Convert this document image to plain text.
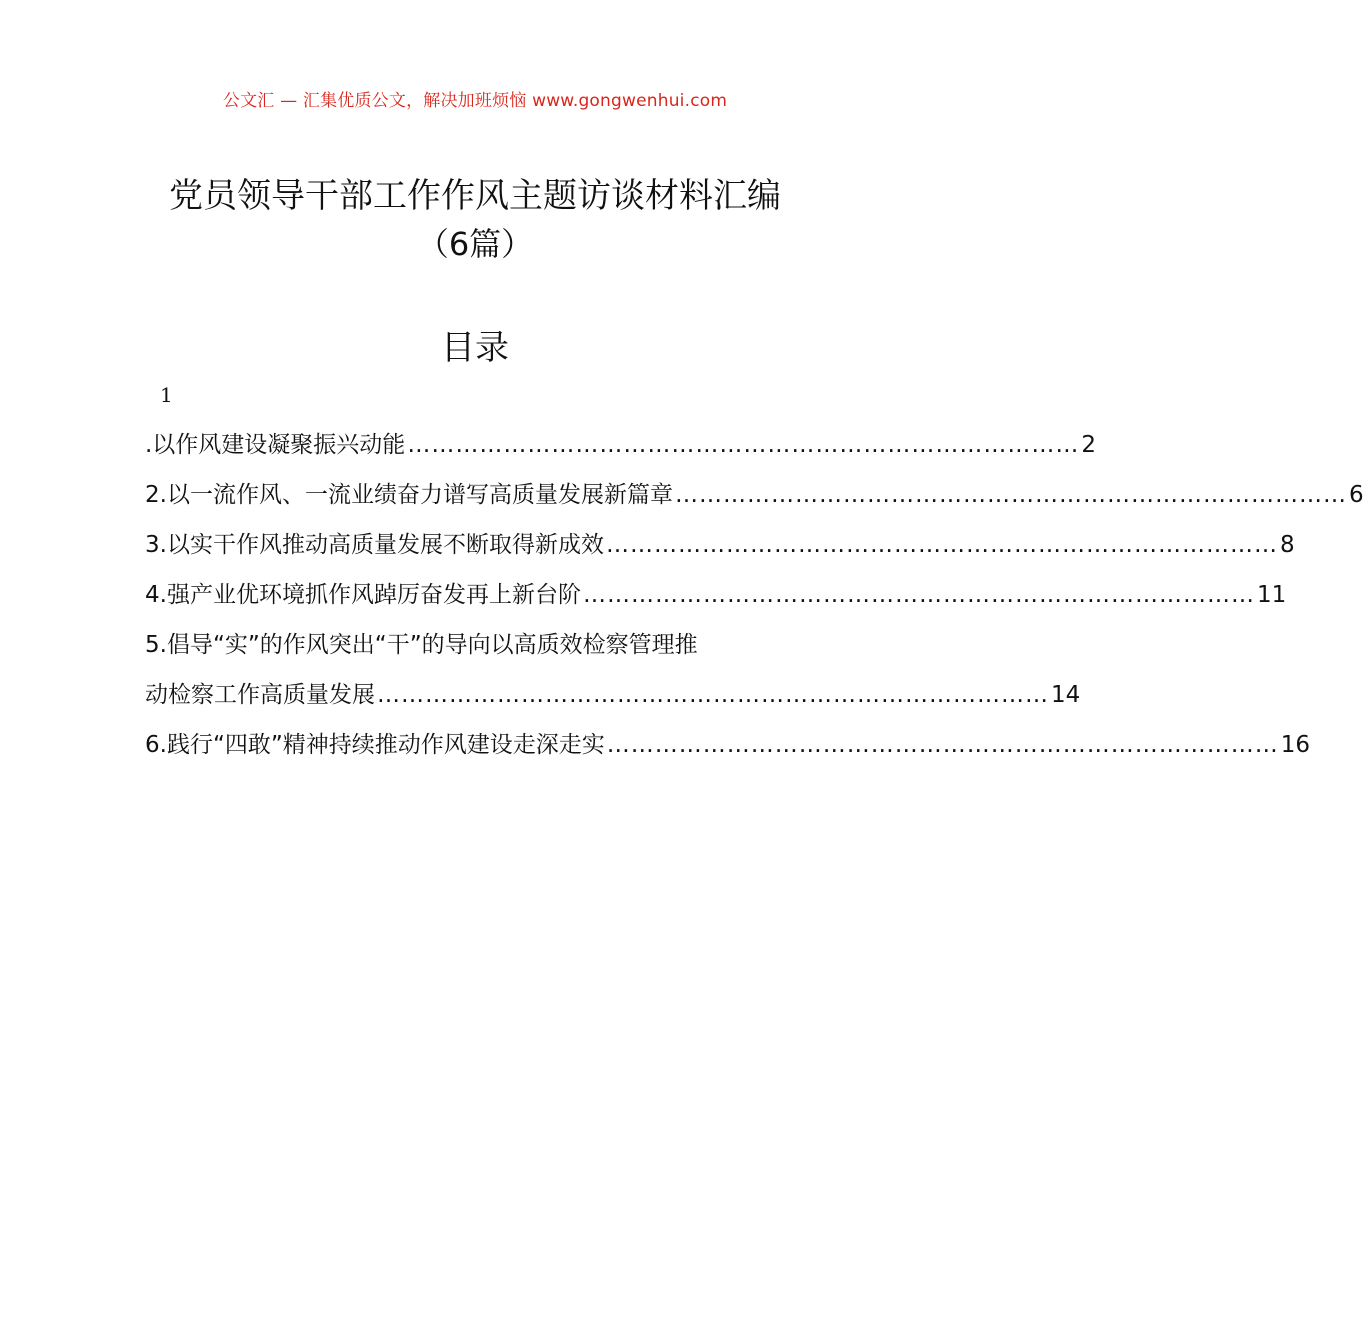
公文汇 — 汇集优质公文，解决加班烦恼 www.gongwenhui.com
党员领导干部工作作风主题访谈材料汇编
（6篇）
目录
1
.以作风建设凝聚振兴动能 ………………………………………………………………………… 2
2.以一流作风、一流业绩奋力谱写高质量发展新篇章 ………………………………………………………………………… 6
3.以实干作风推动高质量发展不断取得新成效 ………………………………………………………………………… 8
4.强产业优环境抓作风踔厉奋发再上新台阶 ………………………………………………………………………… 11
5.倡导“实”的作风突出“干”的导向以高质效检察管理推
动检察工作高质量发展 ………………………………………………………………………… 14
6.践行“四敢”精神持续推动作风建设走深走实 ………………………………………………………………………… 16
